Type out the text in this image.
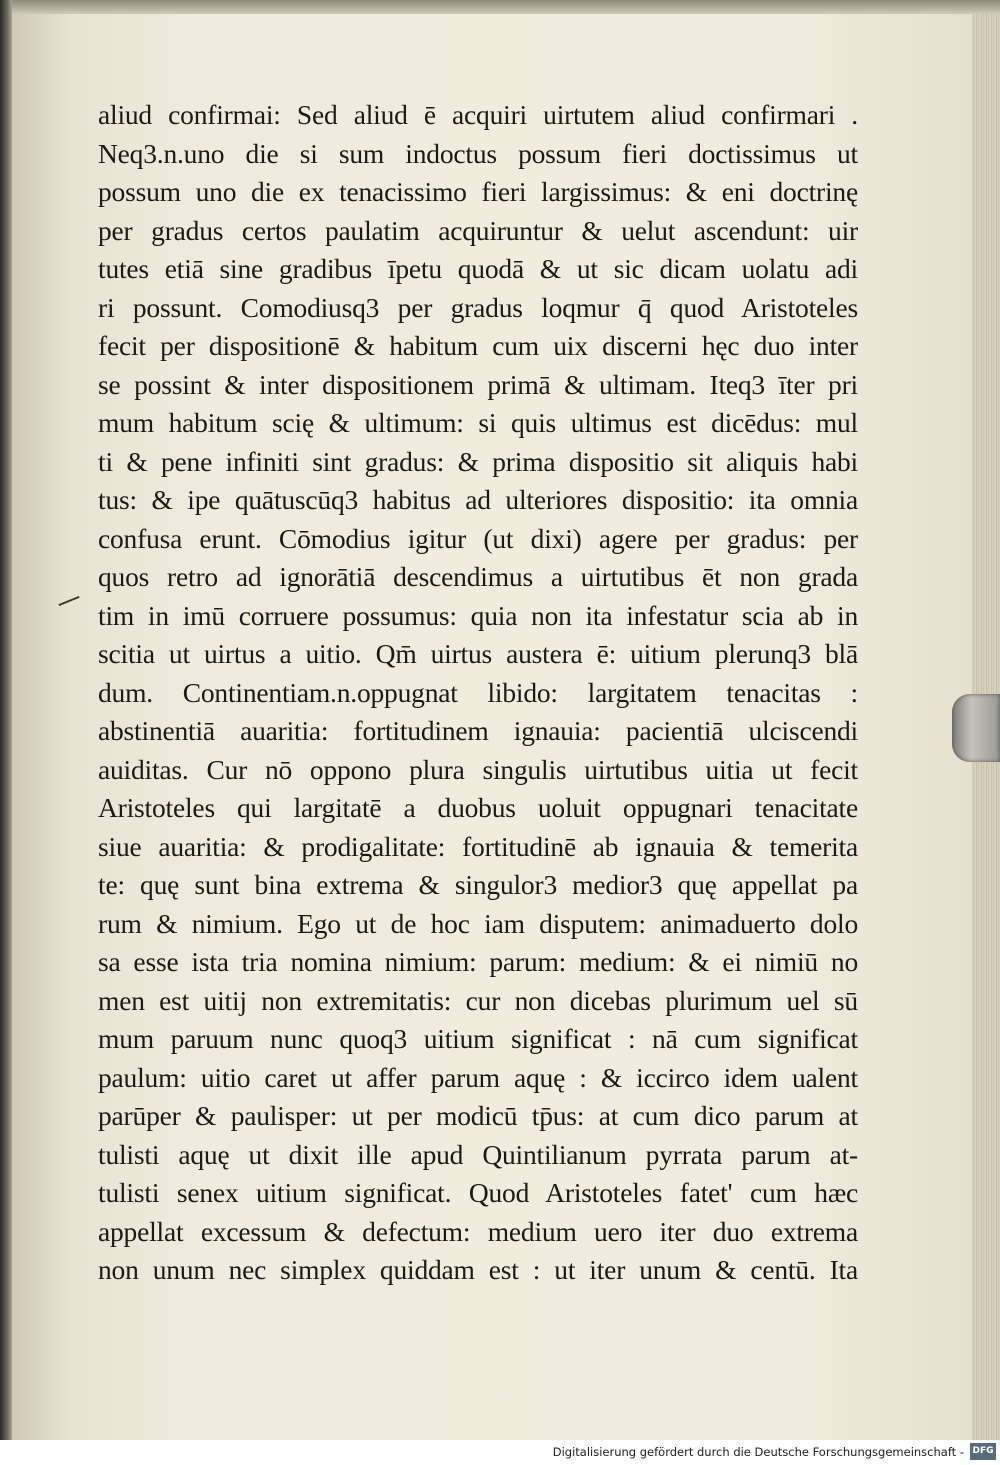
aliud confirmai: Sed aliud ē acquiri uirtutem aliud confirmari .
Neq3.n.uno die si sum indoctus possum fieri doctissimus ut
possum uno die ex tenacissimo fieri largissimus: & eni doctrinę
per gradus certos paulatim acquiruntur & uelut ascendunt: uir
tutes etiā sine gradibus īpetu quodā & ut sic dicam uolatu adi
ri possunt. Comodiusq3 per gradus loqmur q̄ quod Aristoteles
fecit per dispositionē & habitum cum uix discerni hęc duo inter
se possint & inter dispositionem primā & ultimam. Iteq3 īter pri
mum habitum scię & ultimum: si quis ultimus est dicēdus: mul
ti & pene infiniti sint gradus: & prima dispositio sit aliquis habi
tus: & ipe quātuscūq3 habitus ad ulteriores dispositio: ita omnia
confusa erunt. Cōmodius igitur (ut dixi) agere per gradus: per
quos retro ad ignorātiā descendimus a uirtutibus ēt non grada
tim in imū corruere possumus: quia non ita infestatur scia ab in
scitia ut uirtus a uitio. Qm̄ uirtus austera ē: uitium plerunq3 blā
dum. Continentiam.n.oppugnat libido: largitatem tenacitas :
abstinentiā auaritia: fortitudinem ignauia: pacientiā ulciscendi
auiditas. Cur nō oppono plura singulis uirtutibus uitia ut fecit
Aristoteles qui largitatē a duobus uoluit oppugnari tenacitate
siue auaritia: & prodigalitate: fortitudinē ab ignauia & temerita
te: quę sunt bina extrema & singulor3 medior3 quę appellat pa
rum & nimium. Ego ut de hoc iam disputem: animaduerto dolo
sa esse ista tria nomina nimium: parum: medium: & ei nimiū no
men est uitij non extremitatis: cur non dicebas plurimum uel sū
mum paruum nunc quoq3 uitium significat : nā cum significat
paulum: uitio caret ut affer parum aquę : & iccirco idem ualent
parūper & paulisper: ut per modicū tp̄us: at cum dico parum at
tulisti aquę ut dixit ille apud Quintilianum pyrrata parum at-
tulisti senex uitium significat. Quod Aristoteles fatet' cum hæc
appellat excessum & defectum: medium uero iter duo extrema
non unum nec simplex quiddam est : ut iter unum & centū. Ita
Digitalisierung gefördert durch die Deutsche Forschungsgemeinschaft - DFG
